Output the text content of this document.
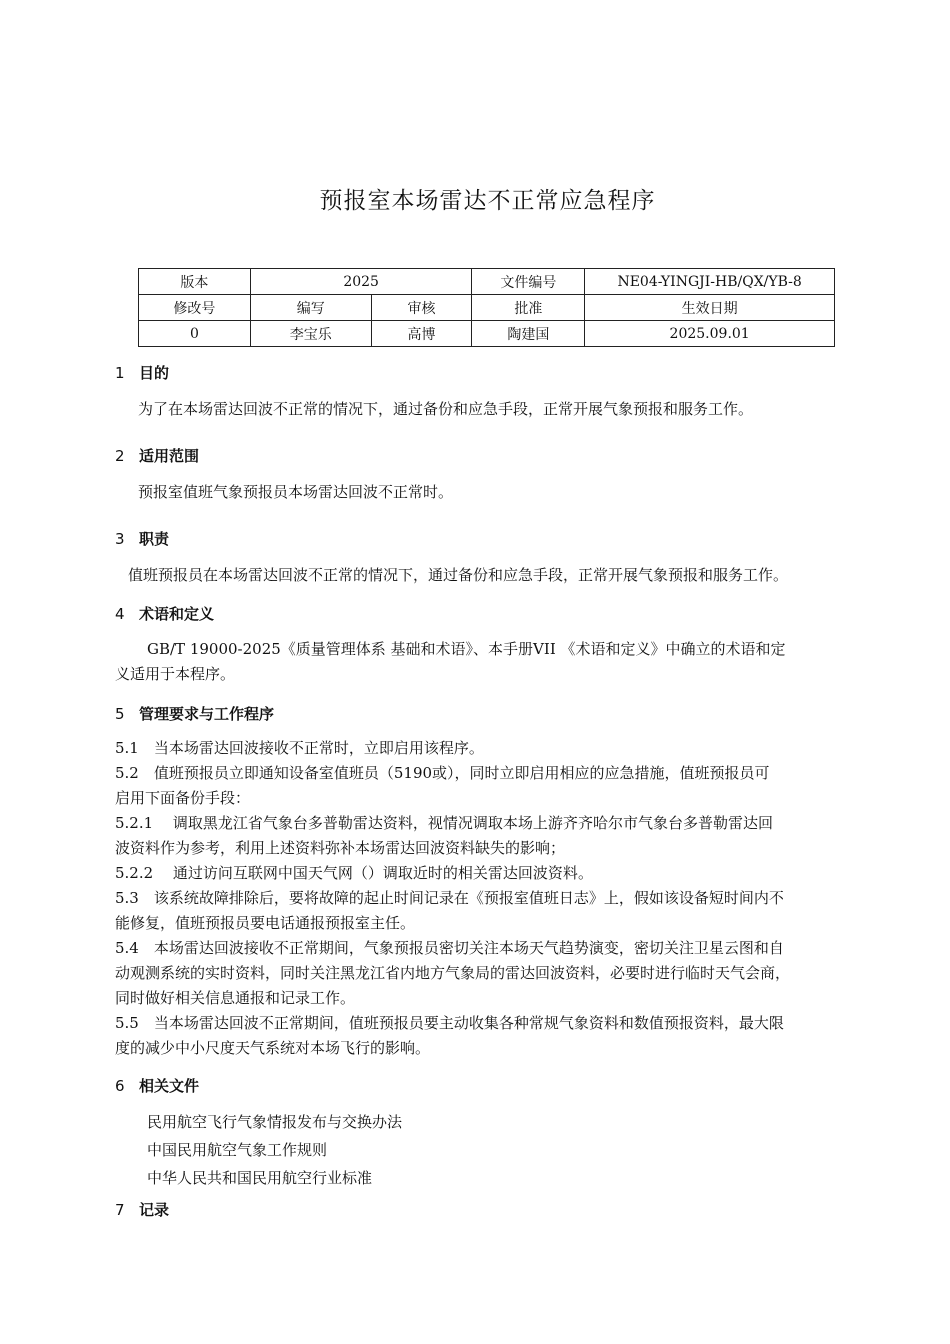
预报室本场雷达不正常应急程序
版本	2025		文件编号	NE04-YINGJI-HB/QX/YB-8
修改号	编写	审核	批准	生效日期
0	李宝乐	高博	陶建国	2025.09.01
1 目的
为了在本场雷达回波不正常的情况下，通过备份和应急手段，正常开展气象预报和服务工作。
2 适用范围
预报室值班气象预报员本场雷达回波不正常时。
3 职责
值班预报员在本场雷达回波不正常的情况下，通过备份和应急手段，正常开展气象预报和服务工作。
4 术语和定义
GB/T 19000-2025《质量管理体系 基础和术语》、本手册VII 《术语和定义》中确立的术语和定
义适用于本程序。
5 管理要求与工作程序
5.1　当本场雷达回波接收不正常时，立即启用该程序。
5.2　值班预报员立即通知设备室值班员（5190或），同时立即启用相应的应急措施，值班预报员可
启用下面备份手段：
5.2.1　 调取黑龙江省气象台多普勒雷达资料，视情况调取本场上游齐齐哈尔市气象台多普勒雷达回
波资料作为参考，利用上述资料弥补本场雷达回波资料缺失的影响；
5.2.2　 通过访问互联网中国天气网（）调取近时的相关雷达回波资料。
5.3　该系统故障排除后，要将故障的起止时间记录在《预报室值班日志》上，假如该设备短时间内不
能修复，值班预报员要电话通报预报室主任。
5.4　本场雷达回波接收不正常期间，气象预报员密切关注本场天气趋势演变，密切关注卫星云图和自
动观测系统的实时资料，同时关注黑龙江省内地方气象局的雷达回波资料，必要时进行临时天气会商，
同时做好相关信息通报和记录工作。
5.5　当本场雷达回波不正常期间，值班预报员要主动收集各种常规气象资料和数值预报资料，最大限
度的减少中小尺度天气系统对本场飞行的影响。
6 相关文件
民用航空飞行气象情报发布与交换办法
中国民用航空气象工作规则
中华人民共和国民用航空行业标准
7 记录
